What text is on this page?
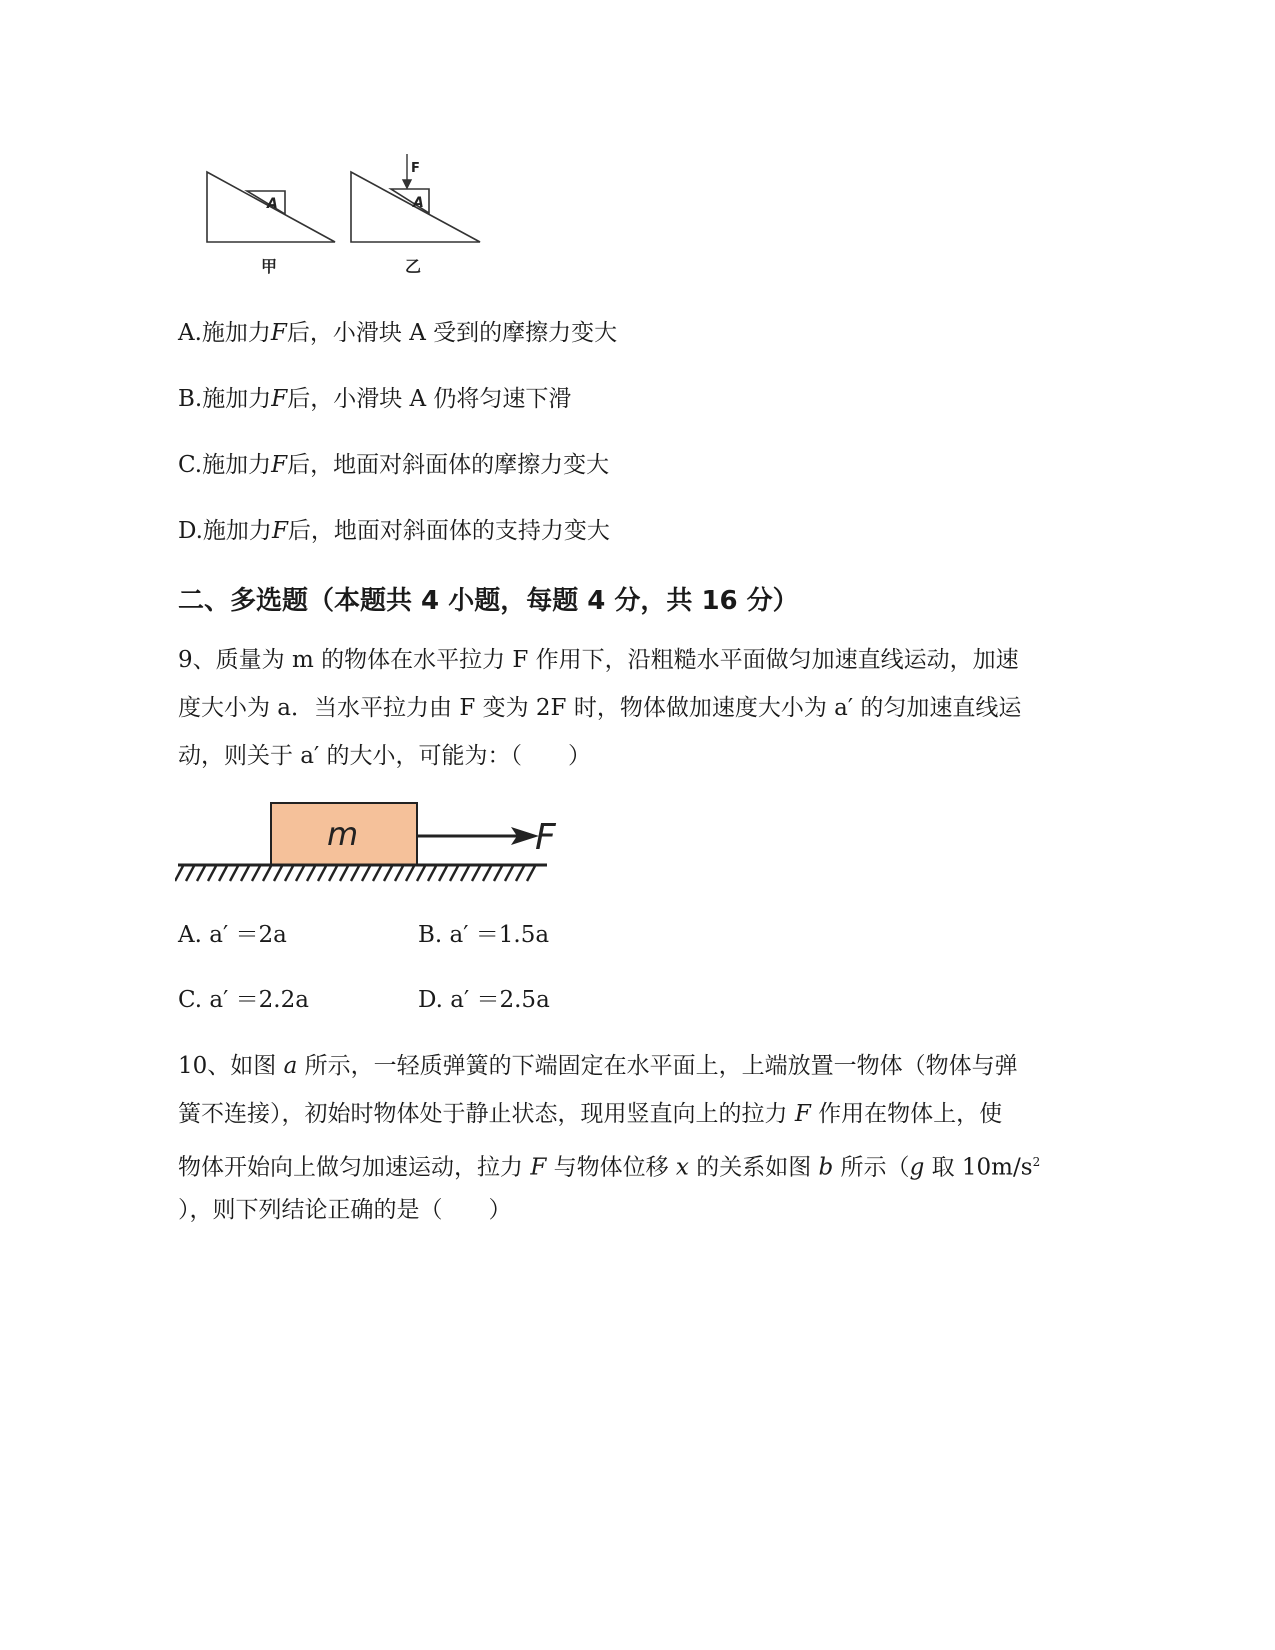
A	A
F
甲	乙
A.施加力F后，小滑块 A 受到的摩擦力变大
B.施加力F后，小滑块 A 仍将匀速下滑
C.施加力F后，地面对斜面体的摩擦力变大
D.施加力F后，地面对斜面体的支持力变大
二、多选题（本题共 4 小题，每题 4 分，共 16 分）
9、质量为 m 的物体在水平拉力 F 作用下，沿粗糙水平面做匀加速直线运动，加速
度大小为 a．当水平拉力由 F 变为 2F 时，物体做加速度大小为 a′ 的匀加速直线运
动，则关于 a′ 的大小，可能为：（　　）
m	F
A. a′ ＝2a	B. a′ ＝1.5a
C. a′ ＝2.2a	D. a′ ＝2.5a
10、如图 a 所示，一轻质弹簧的下端固定在水平面上，上端放置一物体（物体与弹
簧不连接），初始时物体处于静止状态，现用竖直向上的拉力 F 作用在物体上，使
物体开始向上做匀加速运动，拉力 F 与物体位移 x 的关系如图 b 所示（g 取 $10m/s^2$
），则下列结论正确的是（　　）
